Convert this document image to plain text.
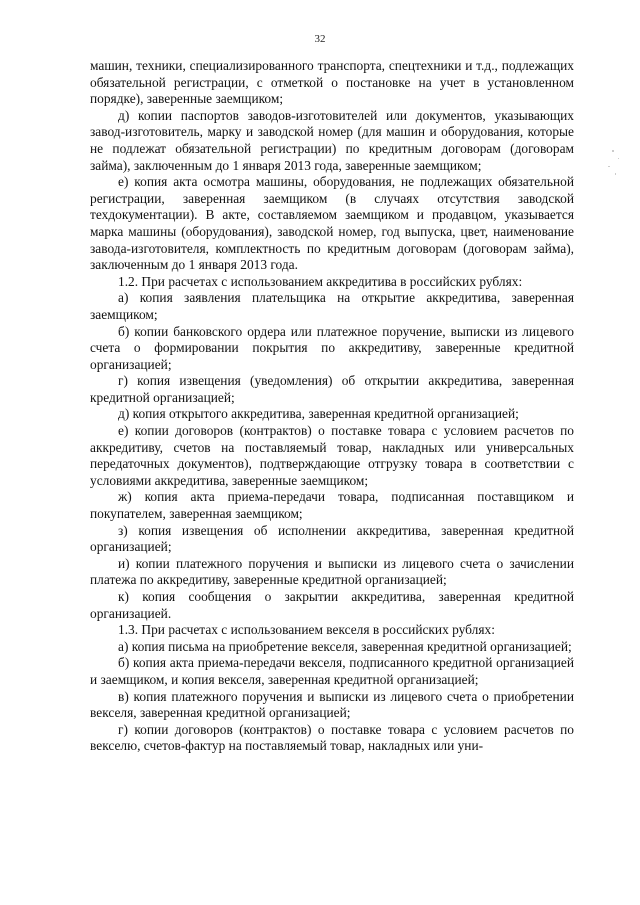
32

машин, техники, специализированного транспорта, спецтехники и т.д., подлежащих обязательной регистрации, с отметкой о постановке на учет в установленном порядке), заверенные заемщиком;

д) копии паспортов заводов-изготовителей или документов, указывающих завод-изготовитель, марку и заводской номер (для машин и оборудования, которые не подлежат обязательной регистрации) по кредитным договорам (договорам займа), заключенным до 1 января 2013 года, заверенные заемщиком;

е) копия акта осмотра машины, оборудования, не подлежащих обязательной регистрации, заверенная заемщиком (в случаях отсутствия заводской техдокументации). В акте, составляемом заемщиком и продавцом, указывается марка машины (оборудования), заводской номер, год выпуска, цвет, наименование завода-изготовителя, комплектность по кредитным договорам (договорам займа), заключенным до 1 января 2013 года.

1.2. При расчетах с использованием аккредитива в российских рублях:

а) копия заявления плательщика на открытие аккредитива, заверенная заемщиком;

б) копии банковского ордера или платежное поручение, выписки из лицевого счета о формировании покрытия по аккредитиву, заверенные кредитной организацией;

г) копия извещения (уведомления) об открытии аккредитива, заверенная кредитной организацией;

д) копия открытого аккредитива, заверенная кредитной организацией;

е) копии договоров (контрактов) о поставке товара с условием расчетов по аккредитиву, счетов на поставляемый товар, накладных или универсальных передаточных документов), подтверждающие отгрузку товара в соответствии с условиями аккредитива, заверенные заемщиком;

ж) копия акта приема-передачи товара, подписанная поставщиком и покупателем, заверенная заемщиком;

з) копия извещения об исполнении аккредитива, заверенная кредитной организацией;

и) копии платежного поручения и выписки из лицевого счета о зачислении платежа по аккредитиву, заверенные кредитной организацией;

к) копия сообщения о закрытии аккредитива, заверенная кредитной организацией.

1.3. При расчетах с использованием векселя в российских рублях:

а) копия письма на приобретение векселя, заверенная кредитной организацией;

б) копия акта приема-передачи векселя, подписанного кредитной организацией и заемщиком, и копия векселя, заверенная кредитной организацией;

в) копия платежного поручения и выписки из лицевого счета о приобретении векселя, заверенная кредитной организацией;

г) копии договоров (контрактов) о поставке товара с условием расчетов по векселю, счетов-фактур на поставляемый товар, накладных или уни-
